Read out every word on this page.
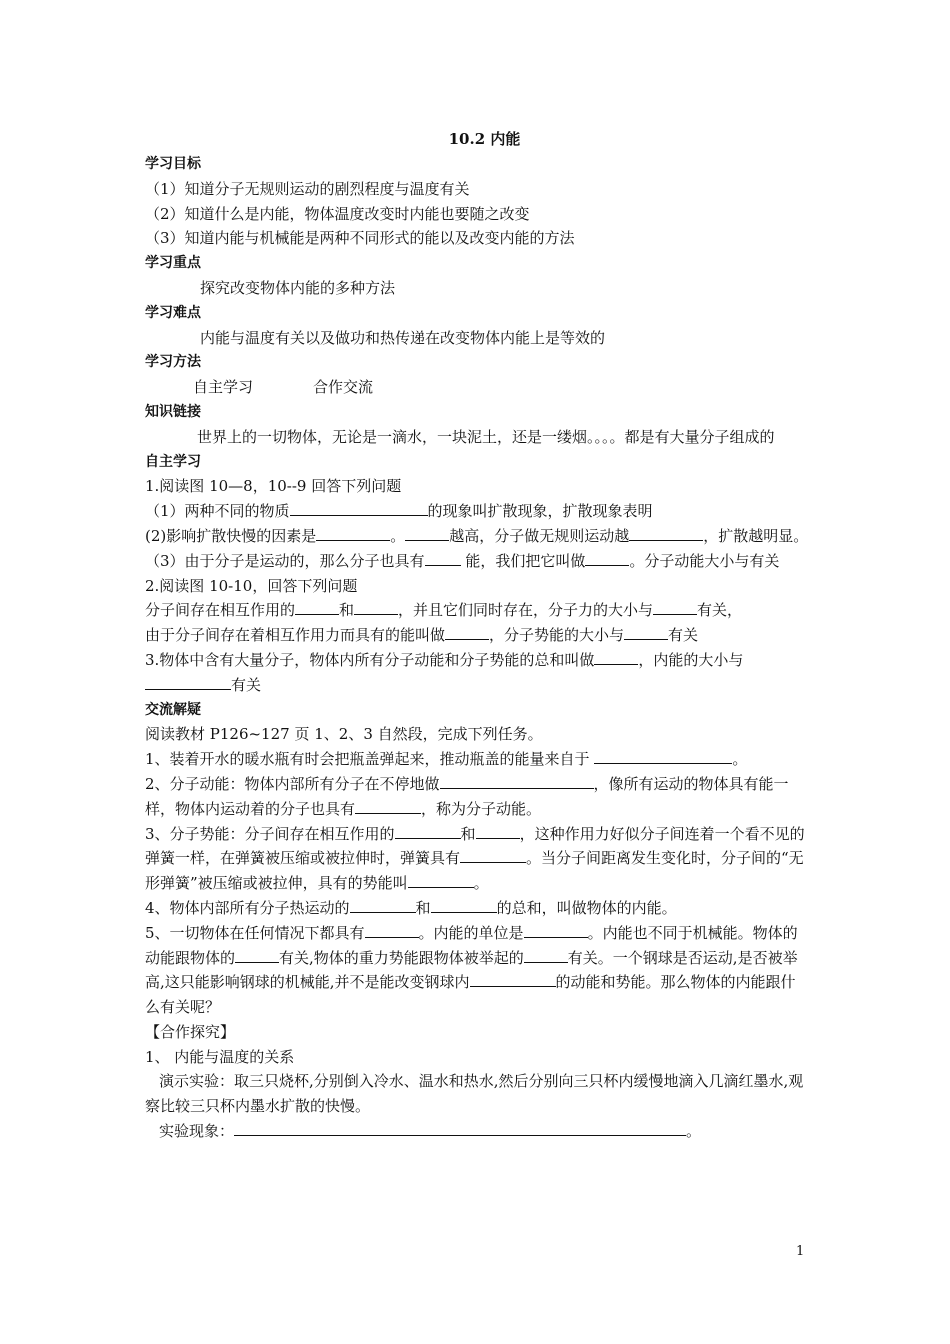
10.2 内能
学习目标
（1）知道分子无规则运动的剧烈程度与温度有关
（2）知道什么是内能，物体温度改变时内能也要随之改变
（3）知道内能与机械能是两种不同形式的能以及改变内能的方法
学习重点
探究改变物体内能的多种方法
学习难点
内能与温度有关以及做功和热传递在改变物体内能上是等效的
学习方法
自主学习	合作交流
知识链接
世界上的一切物体，无论是一滴水，一块泥土，还是一缕烟。。。。都是有大量分子组成的
自主学习
1.阅读图 10—8，10--9 回答下列问题
（1）两种不同的物质	的现象叫扩散现象，扩散现象表明
(2)影响扩散快慢的因素是	。	越高，分子做无规则运动越	，扩散越明显。
（3）由于分子是运动的，那么分子也具有 能，我们把它叫做	。分子动能大小与有关
2.阅读图 10-10，回答下列问题
分子间存在相互作用的	和	，并且它们同时存在，分子力的大小与	有关，
由于分子间存在着相互作用力而具有的能叫做	，分子势能的大小与	有关
3.物体中含有大量分子，物体内所有分子动能和分子势能的总和叫做	，内能的大小与有关
交流解疑
阅读教材 P126~127 页 1、2、3 自然段，完成下列任务。
1、装着开水的暖水瓶有时会把瓶盖弹起来，推动瓶盖的能量来自于	。
2、分子动能：物体内部所有分子在不停地做	，像所有运动的物体具有能一样，物体内运动着的分子也具有	，称为分子动能。
3、分子势能：分子间存在相互作用的	和	，这种作用力好似分子间连着一个看不见的弹簧一样，在弹簧被压缩或被拉伸时，弹簧具有	。当分子间距离发生变化时，分子间的“无形弹簧”被压缩或被拉伸，具有的势能叫	。
4、物体内部所有分子热运动的	和	的总和，叫做物体的内能。
5、一切物体在任何情况下都具有	。内能的单位是	。内能也不同于机械能。物体的动能跟物体的	有关,物体的重力势能跟物体被举起的	有关。一个钢球是否运动,是否被举高,这只能影响钢球的机械能,并不是能改变钢球内	的动能和势能。那么物体的内能跟什么有关呢？
【合作探究】
1、 内能与温度的关系
演示实验：取三只烧杯,分别倒入冷水、温水和热水,然后分别向三只杯内缓慢地滴入几滴红墨水,观察比较三只杯内墨水扩散的快慢。
实验现象：	。
1
